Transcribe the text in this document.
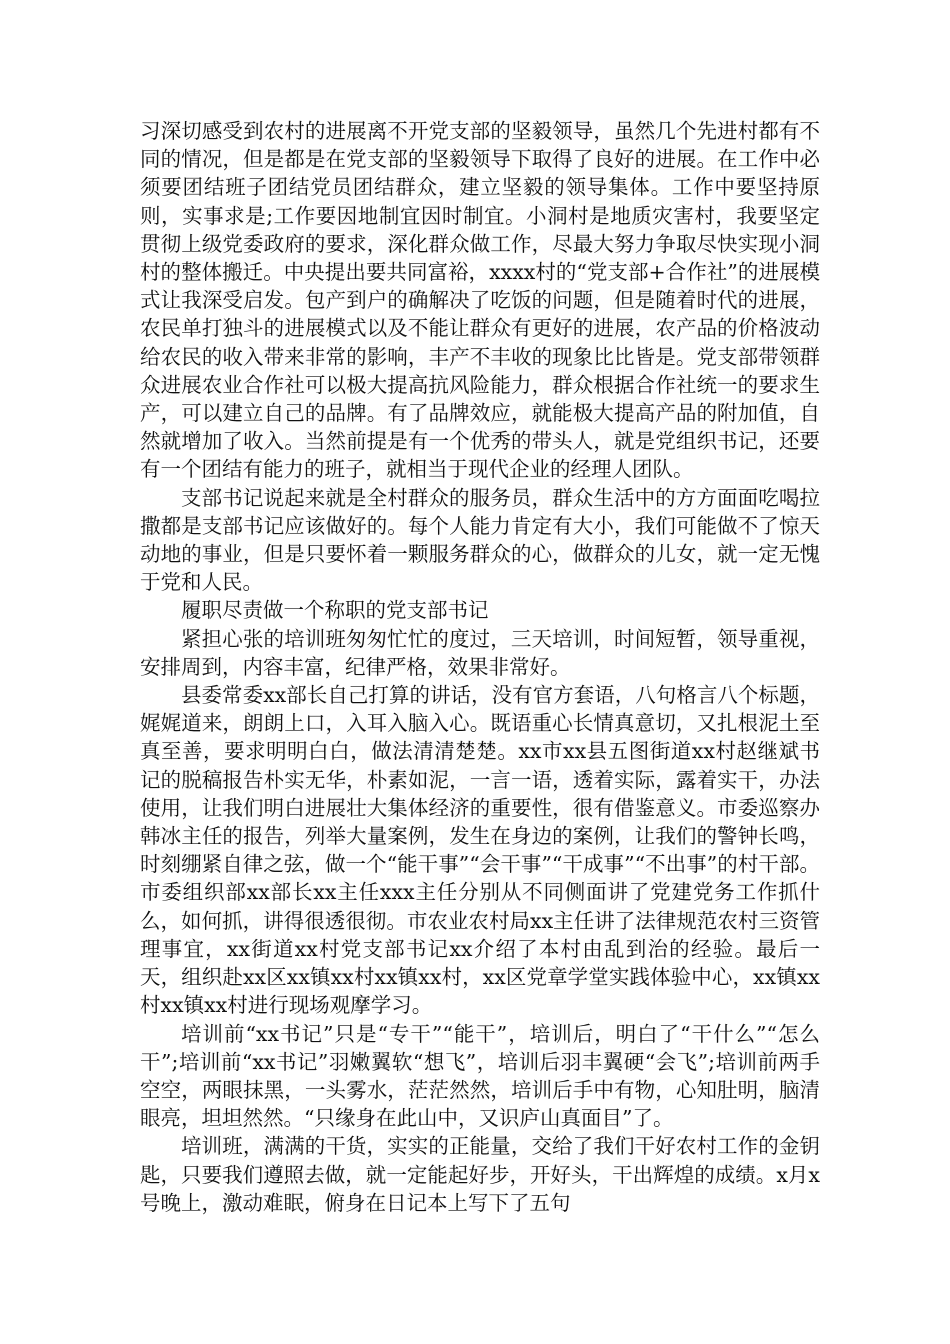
习深切感受到农村的进展离不开党支部的坚毅领导，虽然几个先进村都有不同的情况，但是都是在党支部的坚毅领导下取得了良好的进展。在工作中必须要团结班子团结党员团结群众，建立坚毅的领导集体。工作中要坚持原则，实事求是;工作要因地制宜因时制宜。小洞村是地质灾害村，我要坚定贯彻上级党委政府的要求，深化群众做工作，尽最大努力争取尽快实现小洞村的整体搬迁。中央提出要共同富裕，xxxx村的“党支部+合作社”的进展模式让我深受启发。包产到户的确解决了吃饭的问题，但是随着时代的进展，农民单打独斗的进展模式以及不能让群众有更好的进展，农产品的价格波动给农民的收入带来非常的影响，丰产不丰收的现象比比皆是。党支部带领群众进展农业合作社可以极大提高抗风险能力，群众根据合作社统一的要求生产，可以建立自己的品牌。有了品牌效应，就能极大提高产品的附加值，自然就增加了收入。当然前提是有一个优秀的带头人，就是党组织书记，还要有一个团结有能力的班子，就相当于现代企业的经理人团队。

支部书记说起来就是全村群众的服务员，群众生活中的方方面面吃喝拉撒都是支部书记应该做好的。每个人能力肯定有大小，我们可能做不了惊天动地的事业，但是只要怀着一颗服务群众的心，做群众的儿女，就一定无愧于党和人民。

履职尽责做一个称职的党支部书记

紧担心张的培训班匆匆忙忙的度过，三天培训，时间短暂，领导重视，安排周到，内容丰富，纪律严格，效果非常好。

县委常委xx部长自己打算的讲话，没有官方套语，八句格言八个标题，娓娓道来，朗朗上口，入耳入脑入心。既语重心长情真意切，又扎根泥土至真至善，要求明明白白，做法清清楚楚。xx市xx县五图街道xx村赵继斌书记的脱稿报告朴实无华，朴素如泥，一言一语，透着实际，露着实干，办法使用，让我们明白进展壮大集体经济的重要性，很有借鉴意义。市委巡察办韩冰主任的报告，列举大量案例，发生在身边的案例，让我们的警钟长鸣，时刻绷紧自律之弦，做一个“能干事”“会干事”“干成事”“不出事”的村干部。市委组织部xx部长xx主任xxx主任分别从不同侧面讲了党建党务工作抓什么，如何抓，讲得很透很彻。市农业农村局xx主任讲了法律规范农村三资管理事宜，xx街道xx村党支部书记xx介绍了本村由乱到治的经验。最后一天，组织赴xx区xx镇xx村xx镇xx村，xx区党章学堂实践体验中心，xx镇xx村xx镇xx村进行现场观摩学习。

培训前“xx书记”只是“专干”“能干”，培训后，明白了“干什么”“怎么干”;培训前“xx书记”羽嫩翼软“想飞”，培训后羽丰翼硬“会飞”;培训前两手空空，两眼抹黑，一头雾水，茫茫然然，培训后手中有物，心知肚明，脑清眼亮，坦坦然然。“只缘身在此山中，又识庐山真面目”了。

培训班，满满的干货，实实的正能量，交给了我们干好农村工作的金钥匙，只要我们遵照去做，就一定能起好步，开好头，干出辉煌的成绩。x月x号晚上，激动难眠，俯身在日记本上写下了五句
